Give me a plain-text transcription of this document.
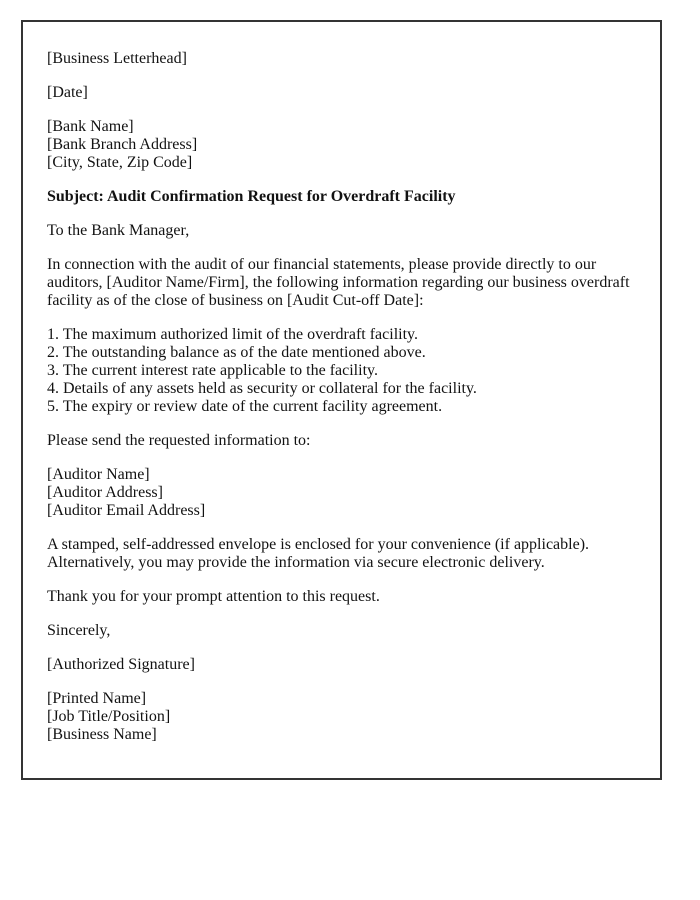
[Business Letterhead]
[Date]
[Bank Name]
[Bank Branch Address]
[City, State, Zip Code]
Subject: Audit Confirmation Request for Overdraft Facility
To the Bank Manager,
In connection with the audit of our financial statements, please provide directly to our
auditors, [Auditor Name/Firm], the following information regarding our business overdraft
facility as of the close of business on [Audit Cut-off Date]:
1. The maximum authorized limit of the overdraft facility.
2. The outstanding balance as of the date mentioned above.
3. The current interest rate applicable to the facility.
4. Details of any assets held as security or collateral for the facility.
5. The expiry or review date of the current facility agreement.
Please send the requested information to:
[Auditor Name]
[Auditor Address]
[Auditor Email Address]
A stamped, self-addressed envelope is enclosed for your convenience (if applicable).
Alternatively, you may provide the information via secure electronic delivery.
Thank you for your prompt attention to this request.
Sincerely,
[Authorized Signature]
[Printed Name]
[Job Title/Position]
[Business Name]
